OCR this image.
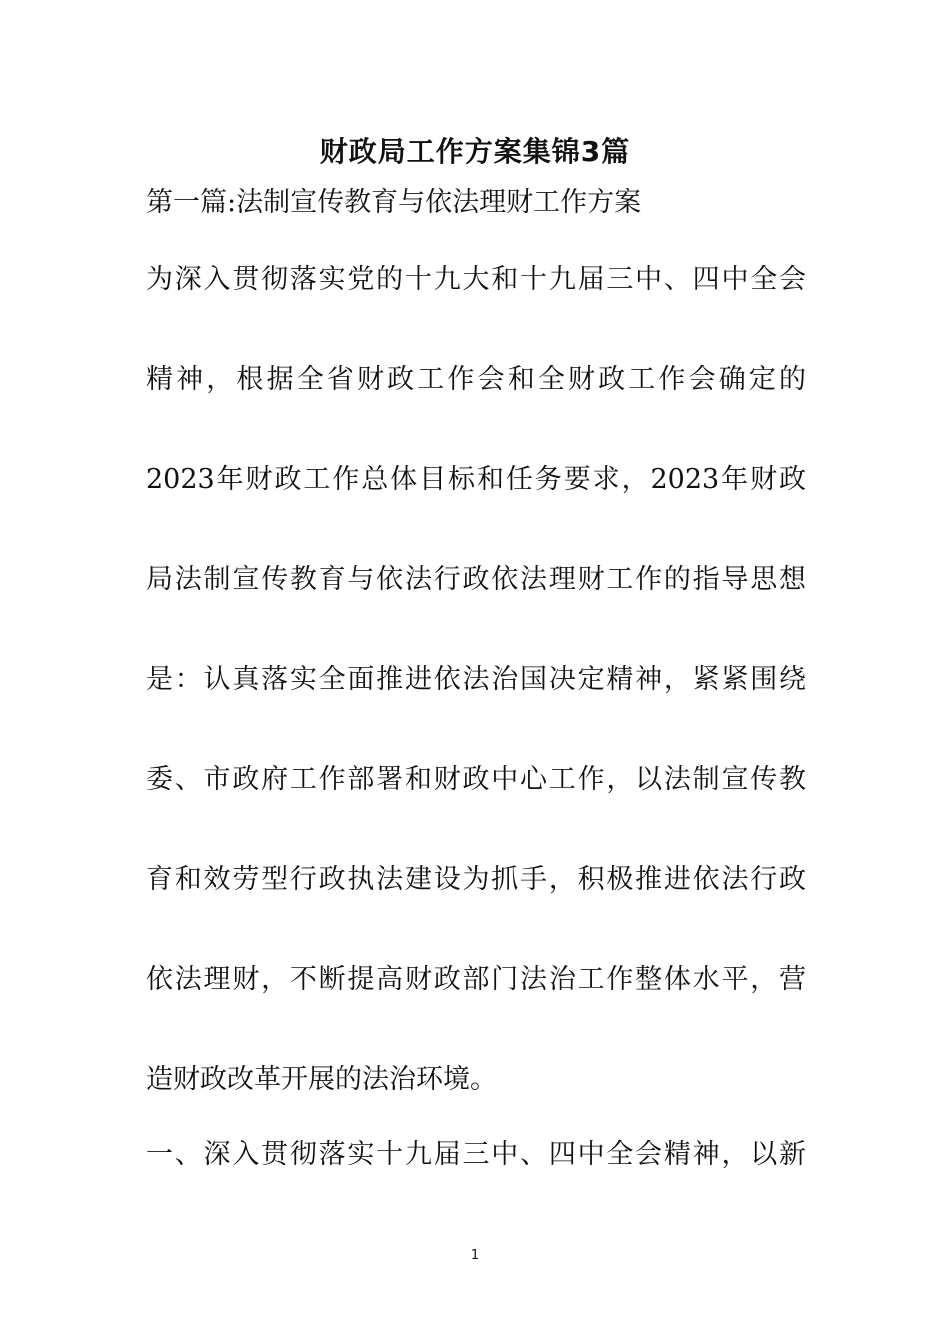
财政局工作方案集锦3篇
第一篇:法制宣传教育与依法理财工作方案
为深入贯彻落实党的十九大和十九届三中、四中全会
精神，根据全省财政工作会和全财政工作会确定的
2023年财政工作总体目标和任务要求，2023年财政
局法制宣传教育与依法行政依法理财工作的指导思想
是：认真落实全面推进依法治国决定精神，紧紧围绕
委、市政府工作部署和财政中心工作，以法制宣传教
育和效劳型行政执法建设为抓手，积极推进依法行政
依法理财，不断提高财政部门法治工作整体水平，营
造财政改革开展的法治环境。
一、深入贯彻落实十九届三中、四中全会精神，以新
1
